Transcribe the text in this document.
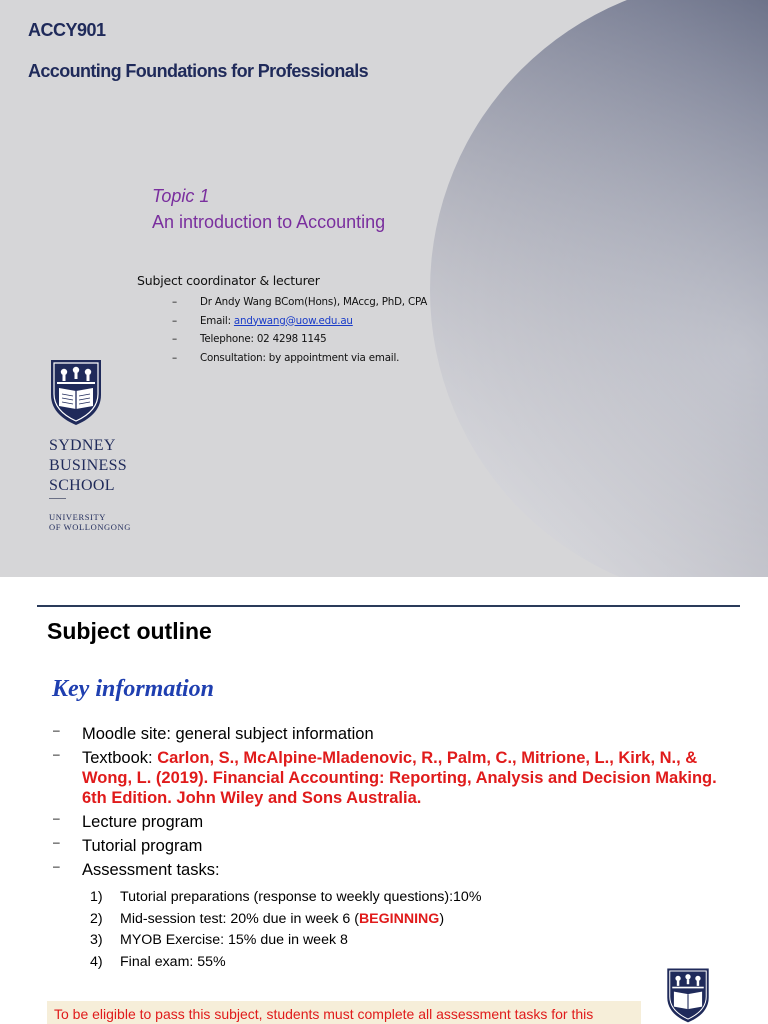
ACCY901
Accounting Foundations for Professionals
Topic 1
An introduction to Accounting
Subject coordinator & lecturer
– Dr Andy Wang BCom(Hons), MAccg, PhD, CPA
– Email: andywang@uow.edu.au
– Telephone: 02 4298 1145
– Consultation: by appointment via email.
SYDNEY
BUSINESS
SCHOOL
UNIVERSITY
OF WOLLONGONG
Subject outline
Key information
– Moodle site: general subject information
– Textbook: Carlon, S., McAlpine-Mladenovic, R., Palm, C., Mitrione, L., Kirk, N., & Wong, L. (2019). Financial Accounting: Reporting, Analysis and Decision Making. 6th Edition. John Wiley and Sons Australia.
– Lecture program
– Tutorial program
– Assessment tasks:
1) Tutorial preparations (response to weekly questions):10%
2) Mid-session test: 20% due in week 6 (BEGINNING)
3) MYOB Exercise: 15% due in week 8
4) Final exam: 55%
To be eligible to pass this subject, students must complete all assessment tasks for this
